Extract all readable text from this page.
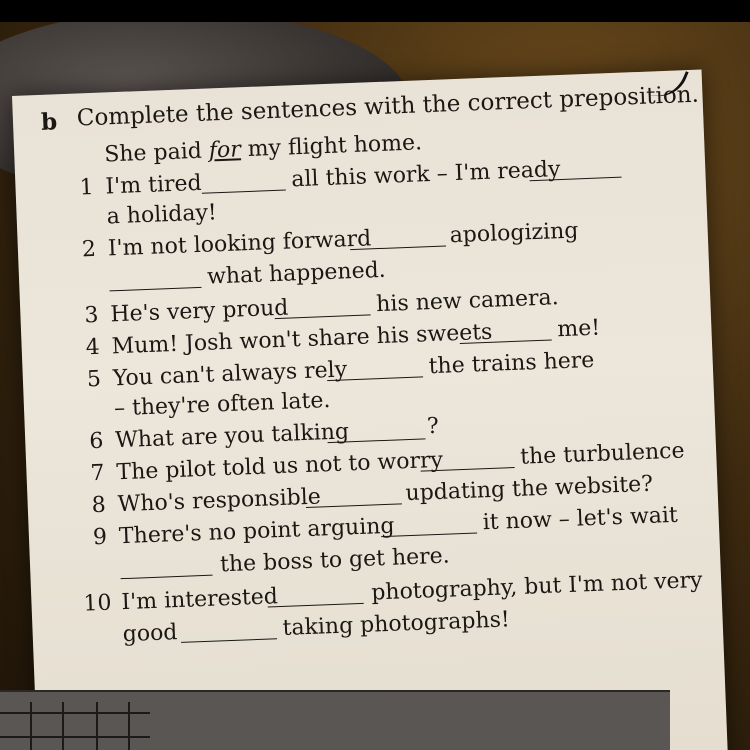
b Complete the sentences with the correct preposition.
She paid for my flight home.
1 I'm tired	all this work – I'm ready
a holiday!
2 I'm not looking forward	apologizing
what happened.
3 He's very proud	his new camera.
4 Mum! Josh won't share his sweets	me!
5 You can't always rely	the trains here
– they're often late.
6 What are you talking	?
7 The pilot told us not to worry	the turbulence
8 Who's responsible	updating the website?
9 There's no point arguing	it now – let's wait
the boss to get here.
10 I'm interested	photography, but I'm not very
good	taking photographs!
